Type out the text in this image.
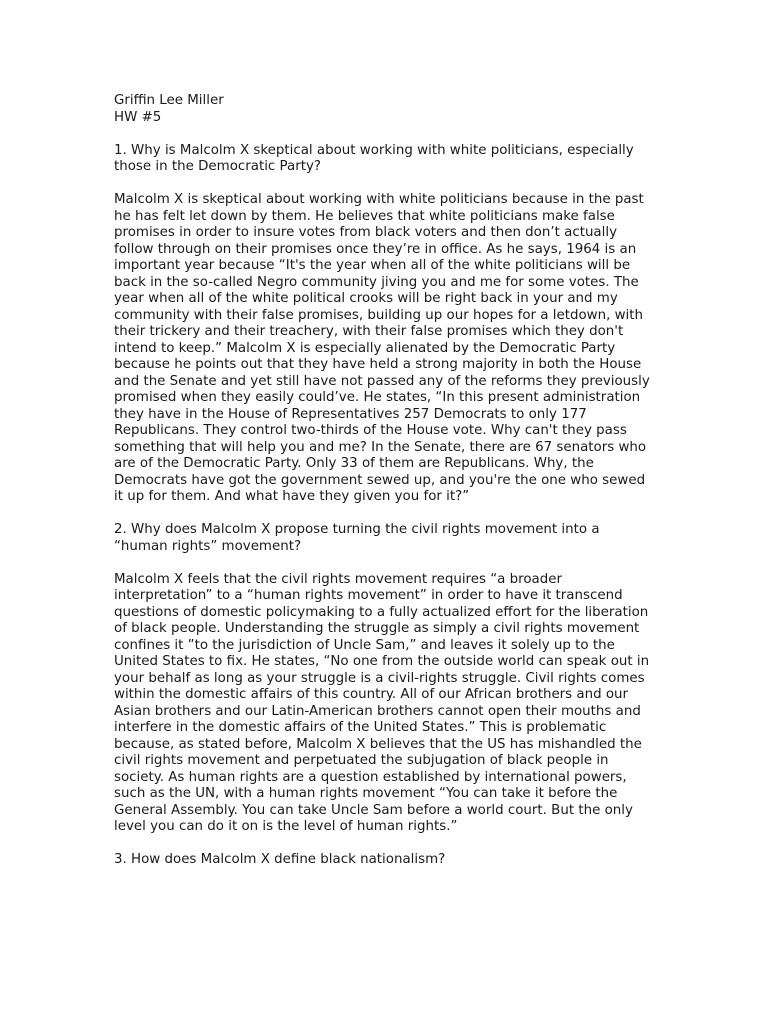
Griffin Lee Miller

HW #5

1. Why is Malcolm X skeptical about working with white politicians, especially those in the Democratic Party?

Malcolm X is skeptical about working with white politicians because in the past he has felt let down by them. He believes that white politicians make false promises in order to insure votes from black voters and then don’t actually follow through on their promises once they’re in office. As he says, 1964 is an important year because “It's the year when all of the white politicians will be back in the so-called Negro community jiving you and me for some votes. The year when all of the white political crooks will be right back in your and my community with their false promises, building up our hopes for a letdown, with their trickery and their treachery, with their false promises which they don't intend to keep.” Malcolm X is especially alienated by the Democratic Party because he points out that they have held a strong majority in both the House and the Senate and yet still have not passed any of the reforms they previously promised when they easily could’ve. He states, “In this present administration they have in the House of Representatives 257 Democrats to only 177 Republicans. They control two-thirds of the House vote. Why can't they pass something that will help you and me? In the Senate, there are 67 senators who are of the Democratic Party. Only 33 of them are Republicans. Why, the Democrats have got the government sewed up, and you're the one who sewed it up for them. And what have they given you for it?”

2. Why does Malcolm X propose turning the civil rights movement into a “human rights” movement?

Malcolm X feels that the civil rights movement requires “a broader interpretation” to a “human rights movement” in order to have it transcend questions of domestic policymaking to a fully actualized effort for the liberation of black people. Understanding the struggle as simply a civil rights movement confines it ”to the jurisdiction of Uncle Sam,” and leaves it solely up to the United States to fix. He states, “No one from the outside world can speak out in your behalf as long as your struggle is a civil-rights struggle. Civil rights comes within the domestic affairs of this country. All of our African brothers and our Asian brothers and our Latin-American brothers cannot open their mouths and interfere in the domestic affairs of the United States.” This is problematic because, as stated before, Malcolm X believes that the US has mishandled the civil rights movement and perpetuated the subjugation of black people in society. As human rights are a question established by international powers, such as the UN, with a human rights movement “You can take it before the General Assembly. You can take Uncle Sam before a world court. But the only level you can do it on is the level of human rights.”

3. How does Malcolm X define black nationalism?
